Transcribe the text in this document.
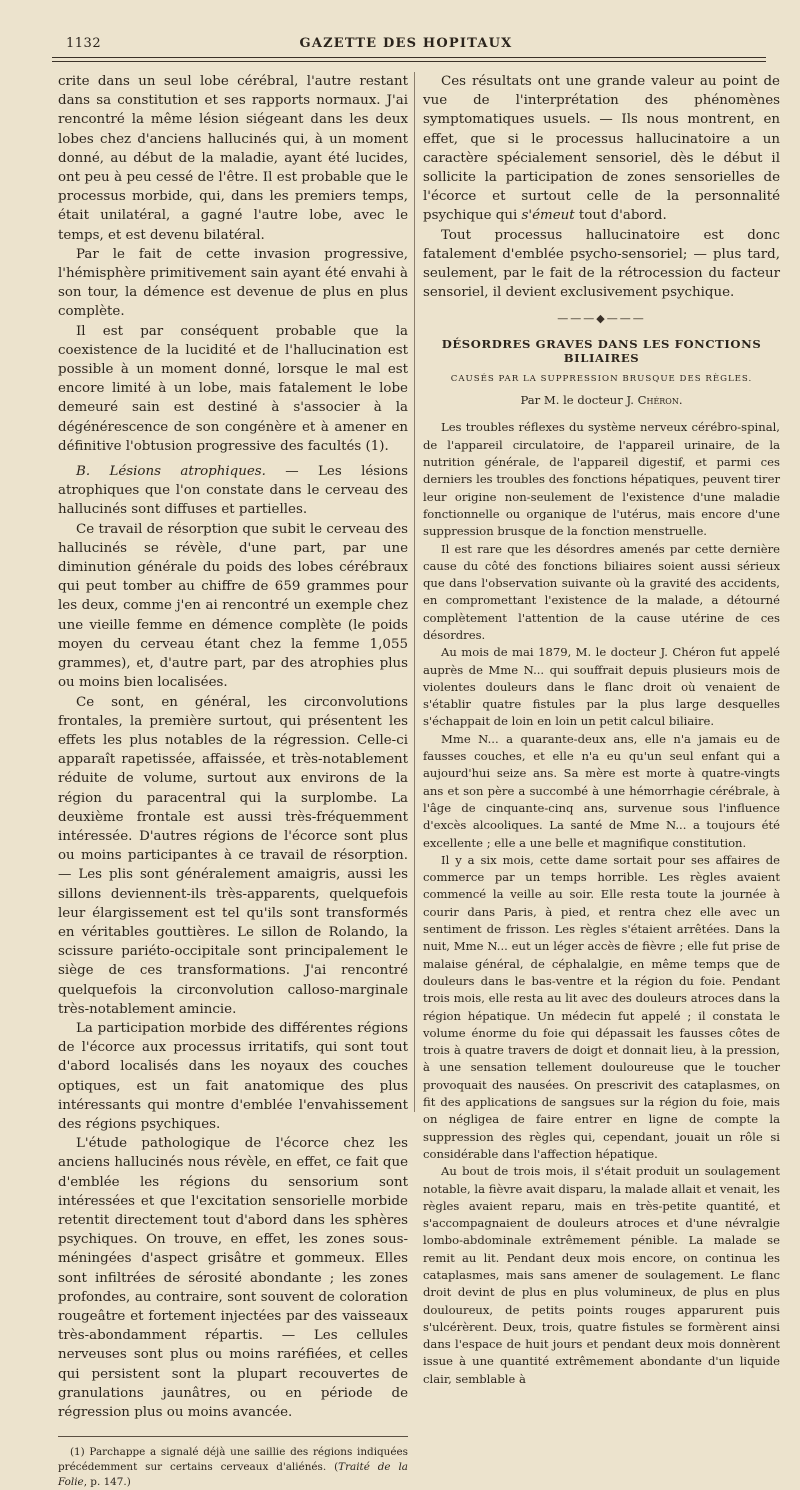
1132	GAZETTE DES HOPITAUX

crite dans un seul lobe cérébral, l'autre restant dans sa constitution et ses rapports normaux. J'ai rencontré la même lésion siégeant dans les deux lobes chez d'anciens hallucinés qui, à un moment donné, au début de la maladie, ayant été lucides, ont peu à peu cessé de l'être. Il est probable que le processus morbide, qui, dans les premiers temps, était unilatéral, a gagné l'autre lobe, avec le temps, et est devenu bilatéral.

Par le fait de cette invasion progressive, l'hémisphère primitivement sain ayant été envahi à son tour, la démence est devenue de plus en plus complète.

Il est par conséquent probable que la coexistence de la lucidité et de l'hallucination est possible à un moment donné, lorsque le mal est encore limité à un lobe, mais fatalement le lobe demeuré sain est destiné à s'associer à la dégénérescence de son congénère et à amener en définitive l'obtusion progressive des facultés (1).

B. Lésions atrophiques. — Les lésions atrophiques que l'on constate dans le cerveau des hallucinés sont diffuses et partielles.

Ce travail de résorption que subit le cerveau des hallucinés se révèle, d'une part, par une diminution générale du poids des lobes cérébraux qui peut tomber au chiffre de 659 grammes pour les deux, comme j'en ai rencontré un exemple chez une vieille femme en démence complète (le poids moyen du cerveau étant chez la femme 1,055 grammes), et, d'autre part, par des atrophies plus ou moins bien localisées.

Ce sont, en général, les circonvolutions frontales, la première surtout, qui présentent les effets les plus notables de la régression. Celle-ci apparaît rapetissée, affaissée, et très-notablement réduite de volume, surtout aux environs de la région du paracentral qui la surplombe. La deuxième frontale est aussi très-fréquemment intéressée. D'autres régions de l'écorce sont plus ou moins participantes à ce travail de résorption. — Les plis sont généralement amaigris, aussi les sillons deviennent-ils très-apparents, quelquefois leur élargissement est tel qu'ils sont transformés en véritables gouttières. Le sillon de Rolando, la scissure pariéto-occipitale sont principalement le siège de ces transformations. J'ai rencontré quelquefois la circonvolution calloso-marginale très-notablement amincie.

La participation morbide des différentes régions de l'écorce aux processus irritatifs, qui sont tout d'abord localisés dans les noyaux des couches optiques, est un fait anatomique des plus intéressants qui montre d'emblée l'envahissement des régions psychiques.

L'étude pathologique de l'écorce chez les anciens hallucinés nous révèle, en effet, ce fait que d'emblée les régions du sensorium sont intéressées et que l'excitation sensorielle morbide retentit directement tout d'abord dans les sphères psychiques. On trouve, en effet, les zones sous-méningées d'aspect grisâtre et gommeux. Elles sont infiltrées de sérosité abondante ; les zones profondes, au contraire, sont souvent de coloration rougeâtre et fortement injectées par des vaisseaux très-abondamment répartis. — Les cellules nerveuses sont plus ou moins raréfiées, et celles qui persistent sont la plupart recouvertes de granulations jaunâtres, ou en période de régression plus ou moins avancée.

(1) Parchappe a signalé déjà une saillie des régions indiquées précédemment sur certains cerveaux d'aliénés. (Traité de la Folie, p. 147.)

Ces résultats ont une grande valeur au point de vue de l'interprétation des phénomènes symptomatiques usuels. — Ils nous montrent, en effet, que si le processus hallucinatoire a un caractère spécialement sensoriel, dès le début il sollicite la participation de zones sensorielles de l'écorce et surtout celle de la personnalité psychique qui s'émeut tout d'abord.

Tout processus hallucinatoire est donc fatalement d'emblée psycho-sensoriel; — plus tard, seulement, par le fait de la rétrocession du facteur sensoriel, il devient exclusivement psychique.

———◆———
DÉSORDRES GRAVES DANS LES FONCTIONS BILIAIRES
CAUSÉS PAR LA SUPPRESSION BRUSQUE DES RÈGLES.
Par M. le docteur J. Chéron.

Les troubles réflexes du système nerveux cérébro-spinal, de l'appareil circulatoire, de l'appareil urinaire, de la nutrition générale, de l'appareil digestif, et parmi ces derniers les troubles des fonctions hépatiques, peuvent tirer leur origine non-seulement de l'existence d'une maladie fonctionnelle ou organique de l'utérus, mais encore d'une suppression brusque de la fonction menstruelle.

Il est rare que les désordres amenés par cette dernière cause du côté des fonctions biliaires soient aussi sérieux que dans l'observation suivante où la gravité des accidents, en compromettant l'existence de la malade, a détourné complètement l'attention de la cause utérine de ces désordres.

Au mois de mai 1879, M. le docteur J. Chéron fut appelé auprès de Mme N... qui souffrait depuis plusieurs mois de violentes douleurs dans le flanc droit où venaient de s'établir quatre fistules par la plus large desquelles s'échappait de loin en loin un petit calcul biliaire.

Mme N... a quarante-deux ans, elle n'a jamais eu de fausses couches, et elle n'a eu qu'un seul enfant qui a aujourd'hui seize ans. Sa mère est morte à quatre-vingts ans et son père a succombé à une hémorrhagie cérébrale, à l'âge de cinquante-cinq ans, survenue sous l'influence d'excès alcooliques. La santé de Mme N... a toujours été excellente ; elle a une belle et magnifique constitution.

Il y a six mois, cette dame sortait pour ses affaires de commerce par un temps horrible. Les règles avaient commencé la veille au soir. Elle resta toute la journée à courir dans Paris, à pied, et rentra chez elle avec un sentiment de frisson. Les règles s'étaient arrêtées. Dans la nuit, Mme N... eut un léger accès de fièvre ; elle fut prise de malaise général, de céphalalgie, en même temps que de douleurs dans le bas-ventre et la région du foie. Pendant trois mois, elle resta au lit avec des douleurs atroces dans la région hépatique. Un médecin fut appelé ; il constata le volume énorme du foie qui dépassait les fausses côtes de trois à quatre travers de doigt et donnait lieu, à la pression, à une sensation tellement douloureuse que le toucher provoquait des nausées. On prescrivit des cataplasmes, on fit des applications de sangsues sur la région du foie, mais on négligea de faire entrer en ligne de compte la suppression des règles qui, cependant, jouait un rôle si considérable dans l'affection hépatique.

Au bout de trois mois, il s'était produit un soulagement notable, la fièvre avait disparu, la malade allait et venait, les règles avaient reparu, mais en très-petite quantité, et s'accompagnaient de douleurs atroces et d'une névralgie lombo-abdominale extrêmement pénible. La malade se remit au lit. Pendant deux mois encore, on continua les cataplasmes, mais sans amener de soulagement. Le flanc droit devint de plus en plus volumineux, de plus en plus douloureux, de petits points rouges apparurent puis s'ulcérèrent. Deux, trois, quatre fistules se formèrent ainsi dans l'espace de huit jours et pendant deux mois donnèrent issue à une quantité extrêmement abondante d'un liquide clair, semblable à
